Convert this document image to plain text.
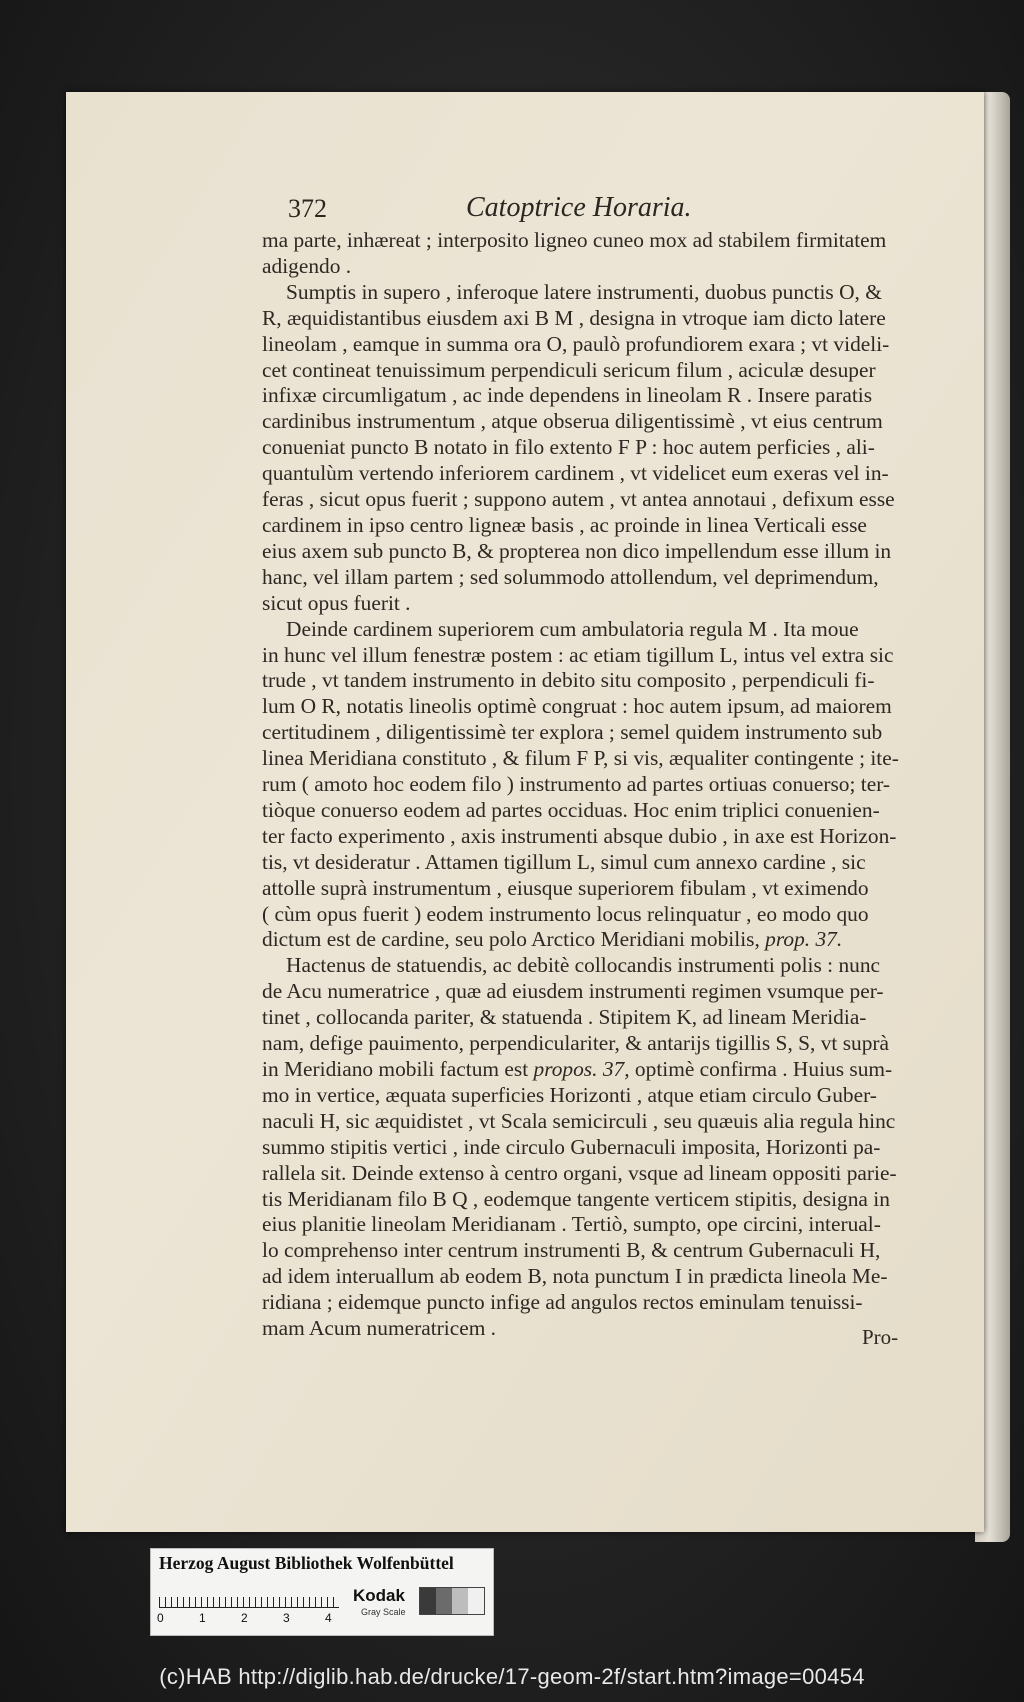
372	Catoptrice Horaria.

ma parte, inhæreat ; interposito ligneo cuneo mox ad stabilem firmitatem
adigendo .

Sumptis in supero , inferoque latere instrumenti, duobus punctis O, &
R, æquidistantibus eiusdem axi B M , designa in vtroque iam dicto latere
lineolam , eamque in summa ora O, paulò profundiorem exara ; vt videli-
cet contineat tenuissimum perpendiculi sericum filum , aciculæ desuper
infixæ circumligatum , ac inde dependens in lineolam R . Insere paratis
cardinibus instrumentum , atque obserua diligentissimè , vt eius centrum
conueniat puncto B notato in filo extento F P : hoc autem perficies , ali-
quantulùm vertendo inferiorem cardinem , vt videlicet eum exeras vel in-
feras , sicut opus fuerit ; suppono autem , vt antea annotaui , defixum esse
cardinem in ipso centro ligneæ basis , ac proinde in linea Verticali esse
eius axem sub puncto B, & propterea non dico impellendum esse illum in
hanc, vel illam partem ; sed solummodo attollendum, vel deprimendum,
sicut opus fuerit .

Deinde cardinem superiorem cum ambulatoria regula M . Ita moue
in hunc vel illum fenestræ postem : ac etiam tigillum L, intus vel extra sic
trude , vt tandem instrumento in debito situ composito , perpendiculi fi-
lum O R, notatis lineolis optimè congruat : hoc autem ipsum, ad maiorem
certitudinem , diligentissimè ter explora ; semel quidem instrumento sub
linea Meridiana constituto , & filum F P, si vis, æqualiter contingente ; ite-
rum ( amoto hoc eodem filo ) instrumento ad partes ortiuas conuerso; ter-
tiòque conuerso eodem ad partes occiduas. Hoc enim triplici conuenien-
ter facto experimento , axis instrumenti absque dubio , in axe est Horizon-
tis, vt desideratur . Attamen tigillum L, simul cum annexo cardine , sic
attolle suprà instrumentum , eiusque superiorem fibulam , vt eximendo
( cùm opus fuerit ) eodem instrumento locus relinquatur , eo modo quo
dictum est de cardine, seu polo Arctico Meridiani mobilis, prop. 37.

Hactenus de statuendis, ac debitè collocandis instrumenti polis : nunc
de Acu numeratrice , quæ ad eiusdem instrumenti regimen vsumque per-
tinet , collocanda pariter, & statuenda . Stipitem K, ad lineam Meridia-
nam, defige pauimento, perpendiculariter, & antarijs tigillis S, S, vt suprà
in Meridiano mobili factum est propos. 37, optimè confirma . Huius sum-
mo in vertice, æquata superficies Horizonti , atque etiam circulo Guber-
naculi H, sic æquidistet , vt Scala semicirculi , seu quæuis alia regula hinc
summo stipitis vertici , inde circulo Gubernaculi imposita, Horizonti pa-
rallela sit. Deinde extenso à centro organi, vsque ad lineam oppositi parie-
tis Meridianam filo B Q , eodemque tangente verticem stipitis, designa in
eius planitie lineolam Meridianam . Tertiò, sumpto, ope circini, interual-
lo comprehenso inter centrum instrumenti B, & centrum Gubernaculi H,
ad idem interuallum ab eodem B, nota punctum I in prædicta lineola Me-
ridiana ; eidemque puncto infige ad angulos rectos eminulam tenuissi-
mam Acum numeratricem .	Pro-
Herzog August Bibliothek Wolfenbüttel
0	1	2	3	4
Kodak
Gray Scale
(c)HAB http://diglib.hab.de/drucke/17-geom-2f/start.htm?image=00454
